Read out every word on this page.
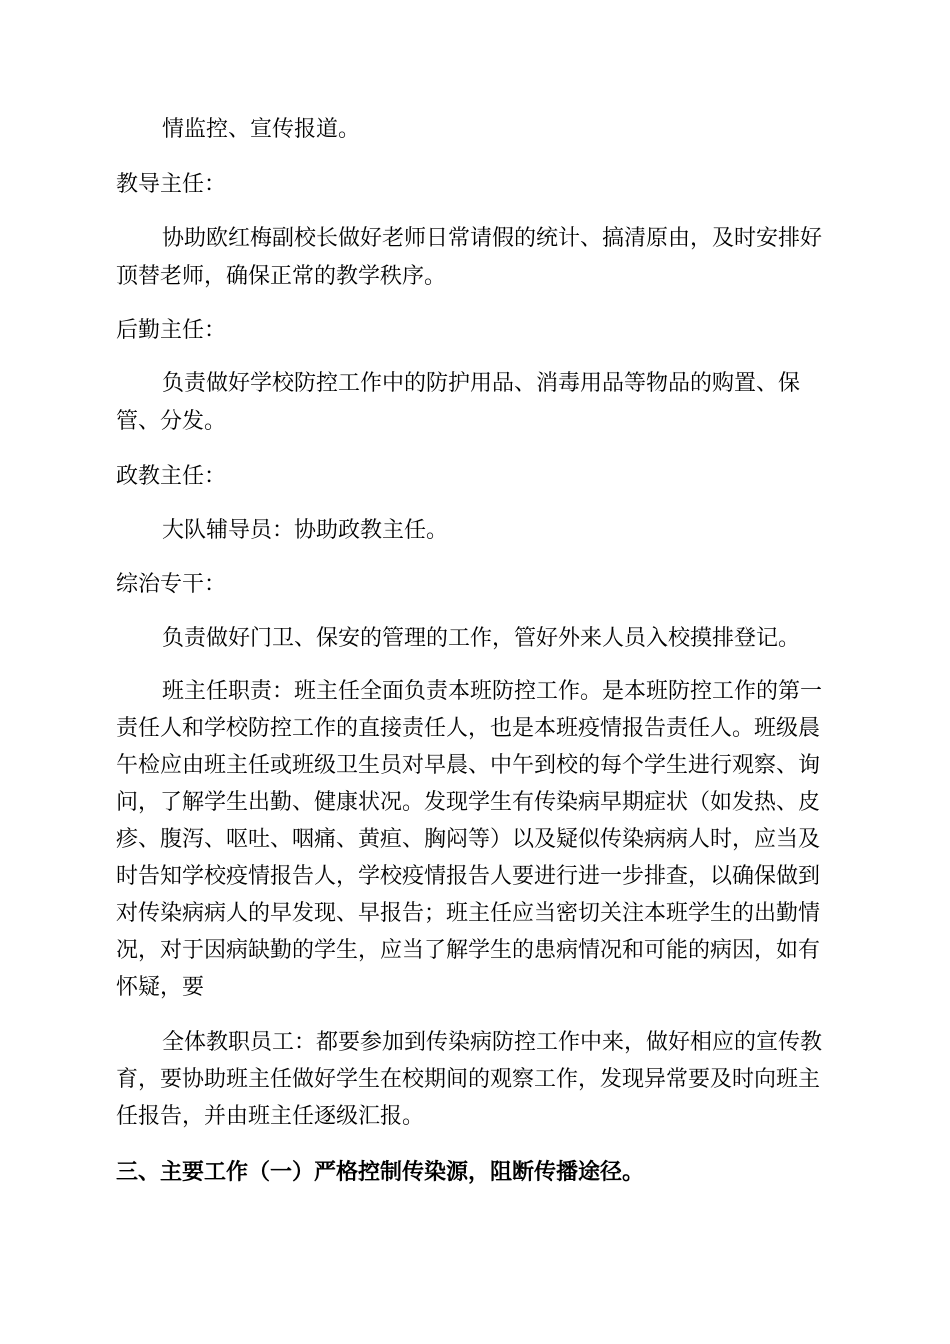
情监控、宣传报道。
教导主任：
协助欧红梅副校长做好老师日常请假的统计、搞清原由，及时安排好
顶替老师，确保正常的教学秩序。
后勤主任：
负责做好学校防控工作中的防护用品、消毒用品等物品的购置、保
管、分发。
政教主任：
大队辅导员：协助政教主任。
综治专干：
负责做好门卫、保安的管理的工作，管好外来人员入校摸排登记。
班主任职责：班主任全面负责本班防控工作。是本班防控工作的第一
责任人和学校防控工作的直接责任人，也是本班疫情报告责任人。班级晨
午检应由班主任或班级卫生员对早晨、中午到校的每个学生进行观察、询
问，了解学生出勤、健康状况。发现学生有传染病早期症状（如发热、皮
疹、腹泻、呕吐、咽痛、黄疸、胸闷等）以及疑似传染病病人时，应当及
时告知学校疫情报告人，学校疫情报告人要进行进一步排查，以确保做到
对传染病病人的早发现、早报告；班主任应当密切关注本班学生的出勤情
况，对于因病缺勤的学生，应当了解学生的患病情况和可能的病因，如有
怀疑，要
全体教职员工：都要参加到传染病防控工作中来，做好相应的宣传教
育，要协助班主任做好学生在校期间的观察工作，发现异常要及时向班主
任报告，并由班主任逐级汇报。
三、主要工作（一）严格控制传染源，阻断传播途径。
